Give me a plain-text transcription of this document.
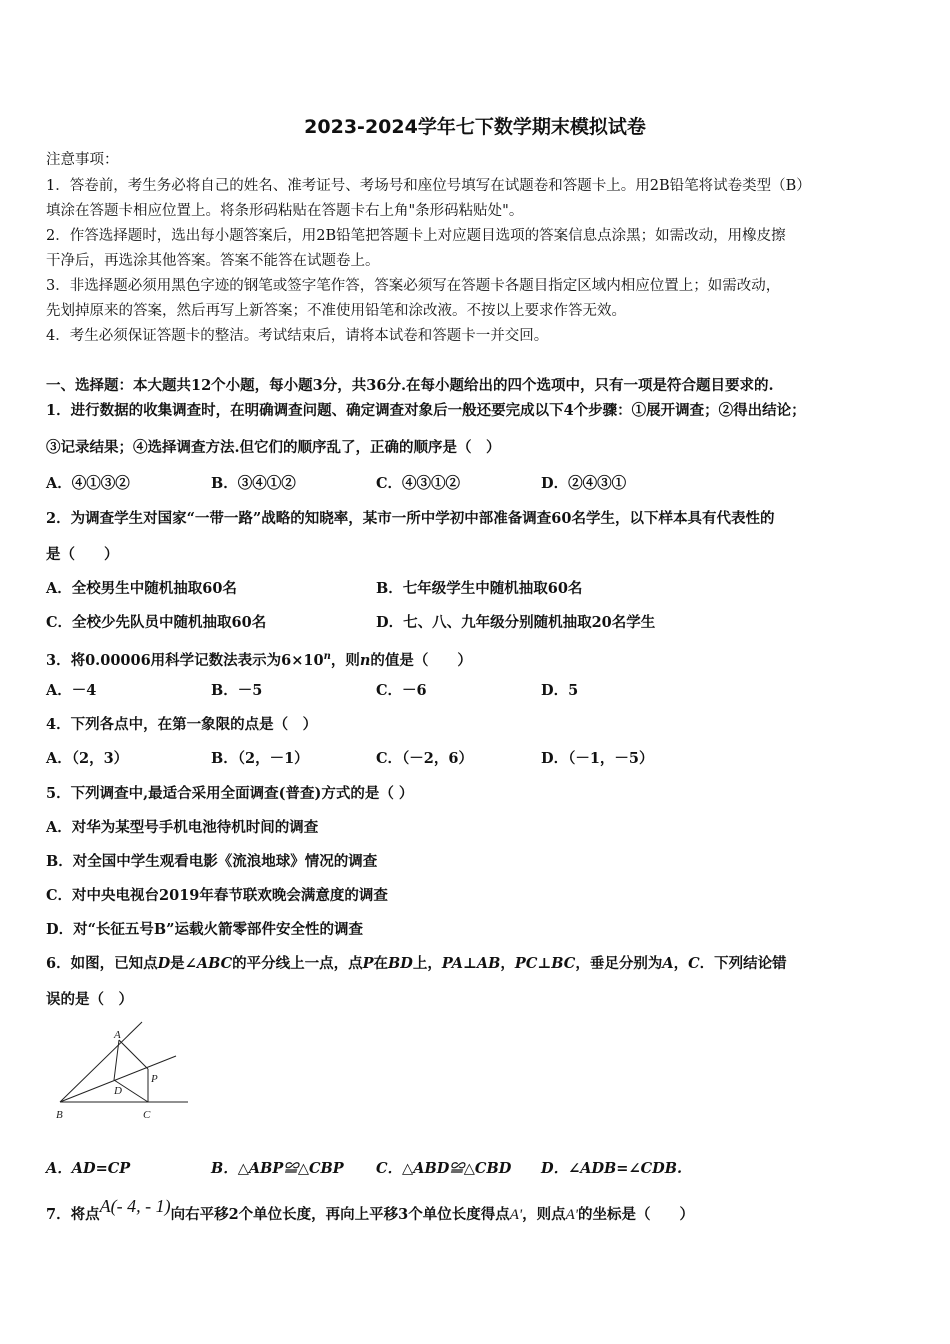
2023-2024学年七下数学期末模拟试卷
注意事项：
1．答卷前，考生务必将自己的姓名、准考证号、考场号和座位号填写在试题卷和答题卡上。用2B铅笔将试卷类型（B）
填涂在答题卡相应位置上。将条形码粘贴在答题卡右上角"条形码粘贴处"。
2．作答选择题时，选出每小题答案后，用2B铅笔把答题卡上对应题目选项的答案信息点涂黑；如需改动，用橡皮擦
干净后，再选涂其他答案。答案不能答在试题卷上。
3．非选择题必须用黑色字迹的钢笔或签字笔作答，答案必须写在答题卡各题目指定区域内相应位置上；如需改动，
先划掉原来的答案，然后再写上新答案；不准使用铅笔和涂改液。不按以上要求作答无效。
4．考生必须保证答题卡的整洁。考试结束后，请将本试卷和答题卡一并交回。
一、选择题：本大题共12个小题，每小题3分，共36分.在每小题给出的四个选项中，只有一项是符合题目要求的.
1．进行数据的收集调查时，在明确调查问题、确定调查对象后一般还要完成以下4个步骤：①展开调查；②得出结论；
③记录结果；④选择调查方法.但它们的顺序乱了，正确的顺序是（　）
A．④①③②	B．③④①②	C．④③①②	D．②④③①
2．为调查学生对国家“一带一路”战略的知晓率，某市一所中学初中部准备调查60名学生，以下样本具有代表性的
是（　　）
A．全校男生中随机抽取60名	B．七年级学生中随机抽取60名
C．全校少先队员中随机抽取60名	D．七、八、九年级分别随机抽取20名学生
3．将0.00006用科学记数法表示为$6\times 10^n$，则n的值是（　　）
A．－4	B．－5	C．－6	D．5
4．下列各点中，在第一象限的点是（　）
A．（2，3）	B．（2，－1）	C．（－2，6）	D．（－1，－5）
5．下列调查中,最适合采用全面调查(普查)方式的是（ ）
A．对华为某型号手机电池待机时间的调查
B．对全国中学生观看电影《流浪地球》情况的调查
C．对中央电视台2019年春节联欢晚会满意度的调查
D．对“长征五号B”运载火箭零部件安全性的调查
6．如图，已知点D是∠ABC的平分线上一点，点P在BD上，PA⊥AB，PC⊥BC，垂足分别为A，C．下列结论错
误的是（　）
A
P
D
B	C
A．AD=CP	B．△ABP≌△CBP C．△ABD≌△CBD D．∠ADB=∠CDB.
7．将点A(- 4, - 1)向右平移2个单位长度，再向上平移3个单位长度得点A'，则点A'的坐标是（　　）
